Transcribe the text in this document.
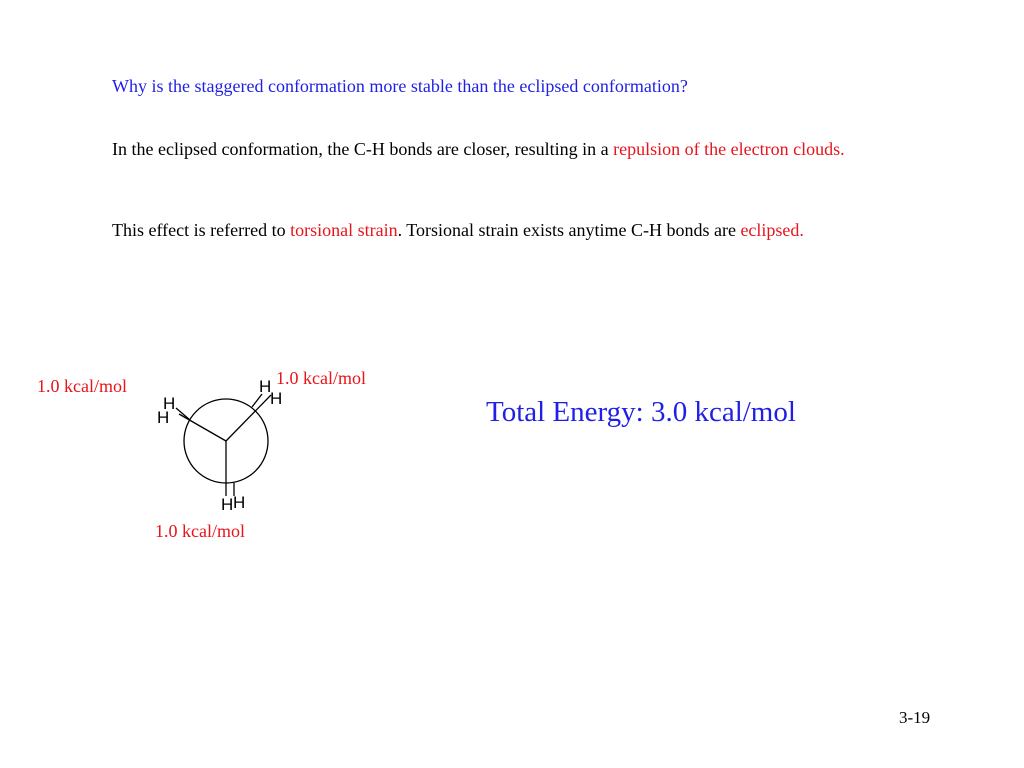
Why is the staggered conformation more stable than the eclipsed conformation?
In the eclipsed conformation, the C-H bonds are closer, resulting in a repulsion of the electron clouds.
This effect is referred to torsional strain. Torsional strain exists anytime C-H bonds are eclipsed.
H
H
H
H
H H
1.0 kcal/mol	1.0 kcal/mol
1.0 kcal/mol
Total Energy: 3.0 kcal/mol
3-19
